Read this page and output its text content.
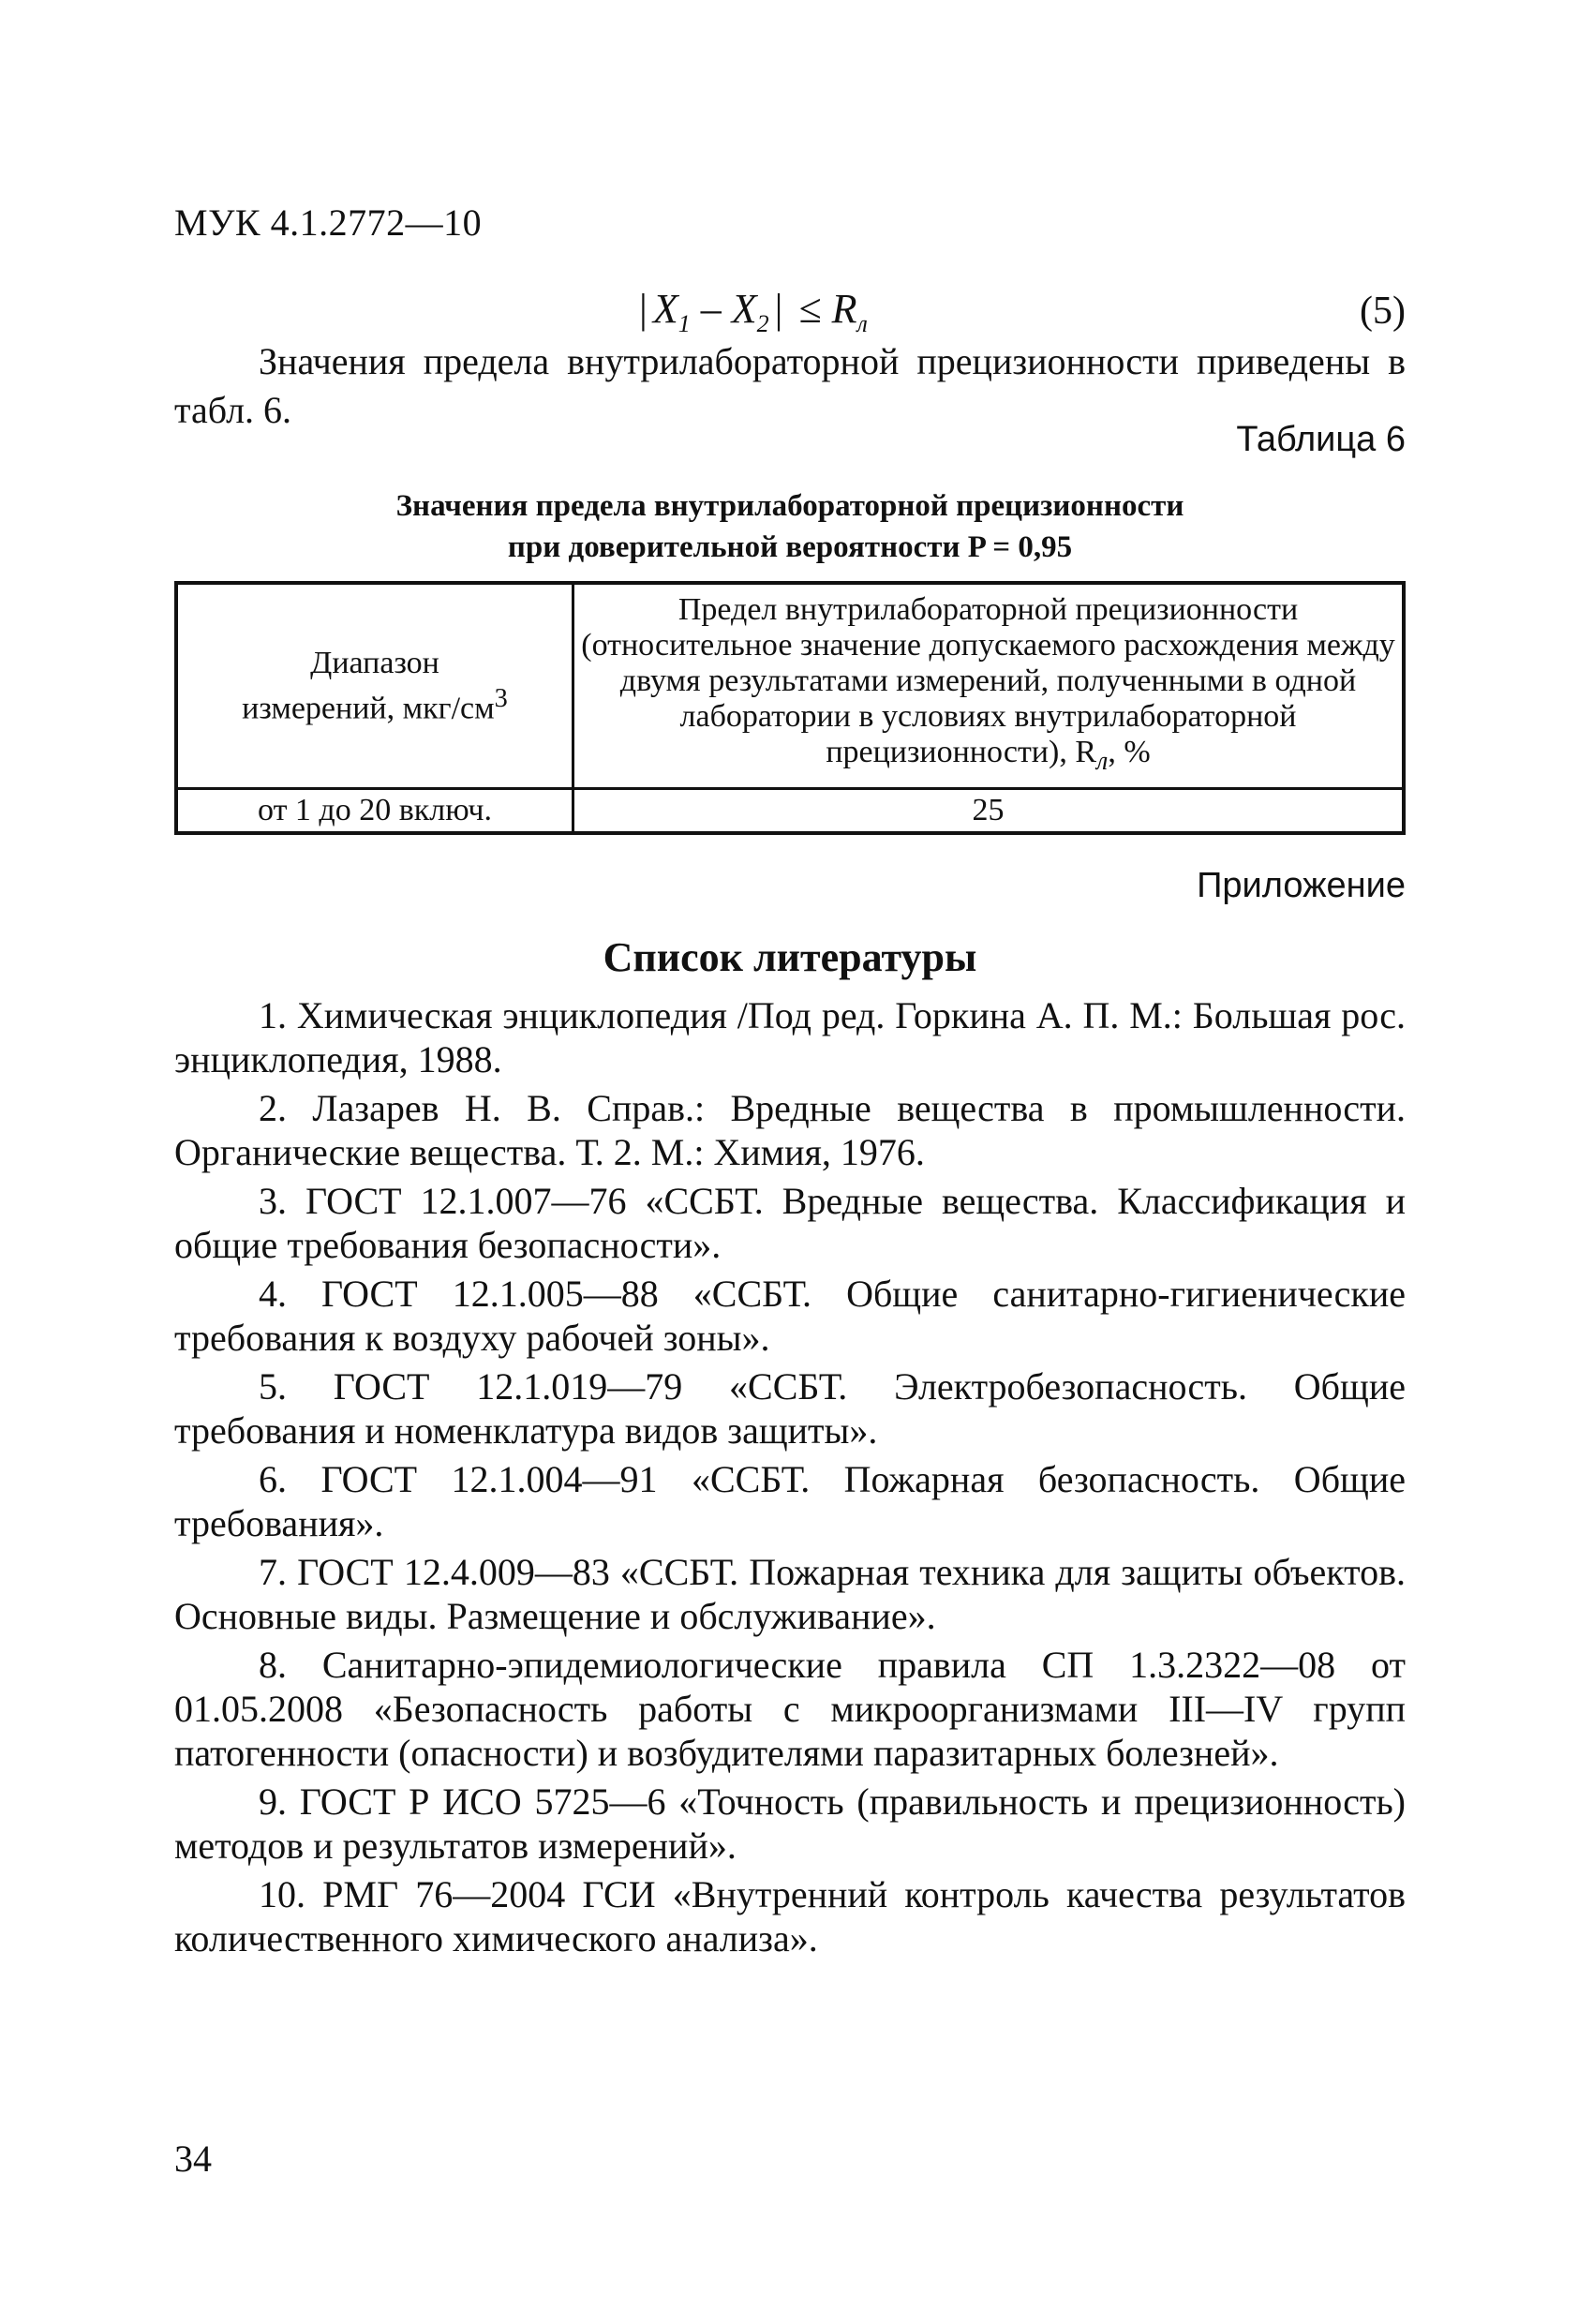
МУК 4.1.2772—10
| $X_1 - X_2$ | ≤ $R_л$	(5)
Значения предела внутрилабораторной прецизионности приведены в табл. 6.
Таблица 6
Значения предела внутрилабораторной прецизионности
при доверительной вероятности P = 0,95
Диапазон
измерений, мкг/$см^3$	Предел внутрилабораторной прецизионности (относительное значение допускаемого расхождения между двумя результатами измерений, полученными в одной лаборатории в условиях внутрилабораторной прецизионности), $R_л$, %
от 1 до 20 включ.	25
Приложение
Список литературы
1. Химическая энциклопедия /Под ред. Горкина А. П. М.: Большая рос. энциклопедия, 1988.
2. Лазарев Н. В. Справ.: Вредные вещества в промышленности. Органические вещества. Т. 2. М.: Химия, 1976.
3. ГОСТ 12.1.007—76 «ССБТ. Вредные вещества. Классификация и общие требования безопасности».
4. ГОСТ 12.1.005—88 «ССБТ. Общие санитарно-гигиенические требования к воздуху рабочей зоны».
5. ГОСТ 12.1.019—79 «ССБТ. Электробезопасность. Общие требования и номенклатура видов защиты».
6. ГОСТ 12.1.004—91 «ССБТ. Пожарная безопасность. Общие требования».
7. ГОСТ 12.4.009—83 «ССБТ. Пожарная техника для защиты объектов. Основные виды. Размещение и обслуживание».
8. Санитарно-эпидемиологические правила СП 1.3.2322—08 от 01.05.2008 «Безопасность работы с микроорганизмами III—IV групп патогенности (опасности) и возбудителями паразитарных болезней».
9. ГОСТ Р ИСО 5725—6 «Точность (правильность и прецизионность) методов и результатов измерений».
10. РМГ 76—2004 ГСИ «Внутренний контроль качества результатов количественного химического анализа».
34
